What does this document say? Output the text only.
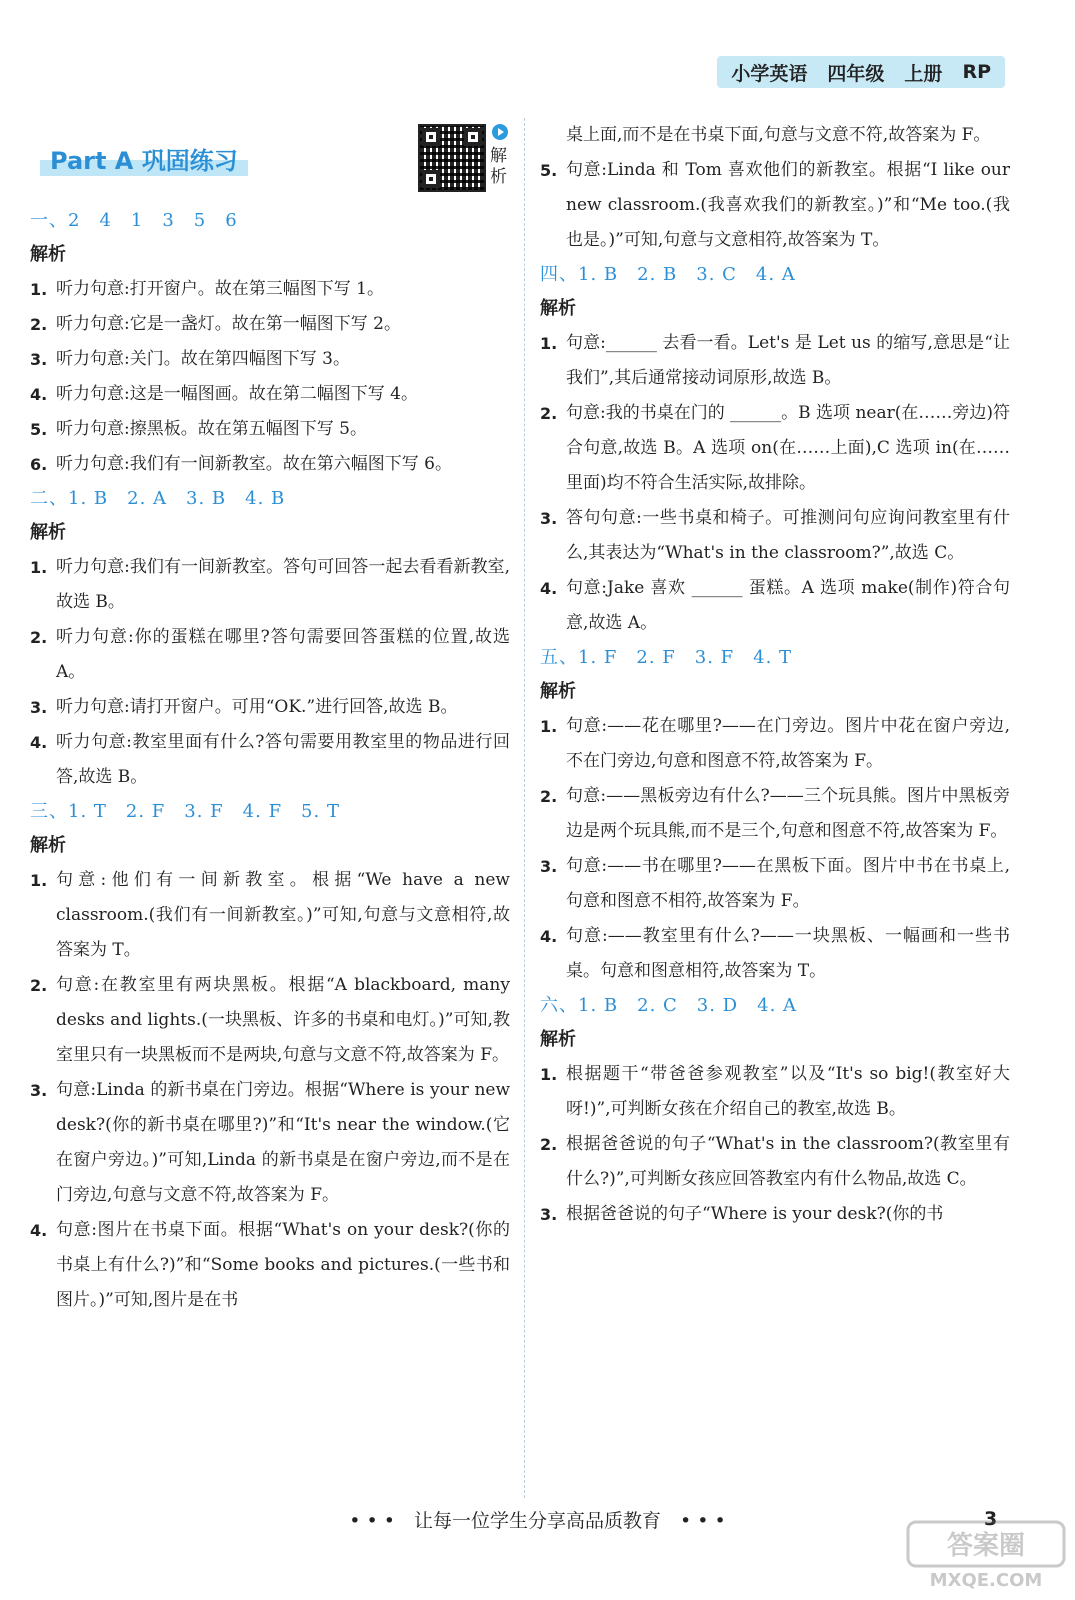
小学英语 四年级 上册 RP
Part A 巩固练习	解析
一、2　4　1　3　5　6
解析
1. 听力句意:打开窗户。故在第三幅图下写 1。
2. 听力句意:它是一盏灯。故在第一幅图下写 2。
3. 听力句意:关门。故在第四幅图下写 3。
4. 听力句意:这是一幅图画。故在第二幅图下写 4。
5. 听力句意:擦黑板。故在第五幅图下写 5。
6. 听力句意:我们有一间新教室。故在第六幅图下写 6。
二、1. B　2. A　3. B　4. B
解析
1. 听力句意:我们有一间新教室。答句可回答一起去看看新教室,故选 B。
2. 听力句意:你的蛋糕在哪里?答句需要回答蛋糕的位置,故选 A。
3. 听力句意:请打开窗户。可用“OK.”进行回答,故选 B。
4. 听力句意:教室里面有什么?答句需要用教室里的物品进行回答,故选 B。
三、1. T　2. F　3. F　4. F　5. T
解析
1. 句意:他们有一间新教室。根据“We have a new classroom.(我们有一间新教室。)”可知,句意与文意相符,故答案为 T。
2. 句意:在教室里有两块黑板。根据“A blackboard, many desks and lights.(一块黑板、许多的书桌和电灯。)”可知,教室里只有一块黑板而不是两块,句意与文意不符,故答案为 F。
3. 句意:Linda 的新书桌在门旁边。根据“Where is your new desk?(你的新书桌在哪里?)”和“It's near the window.(它在窗户旁边。)”可知,Linda 的新书桌是在窗户旁边,而不是在门旁边,句意与文意不符,故答案为 F。
4. 句意:图片在书桌下面。根据“What's on your desk?(你的书桌上有什么?)”和“Some books and pictures.(一些书和图片。)”可知,图片是在书
桌上面,而不是在书桌下面,句意与文意不符,故答案为 F。
5. 句意:Linda 和 Tom 喜欢他们的新教室。根据“I like our new classroom.(我喜欢我们的新教室。)”和“Me too.(我也是。)”可知,句意与文意相符,故答案为 T。
四、1. B　2. B　3. C　4. A
解析
1. 句意:______ 去看一看。Let's 是 Let us 的缩写,意思是“让我们”,其后通常接动词原形,故选 B。
2. 句意:我的书桌在门的 ______。B 选项 near(在……旁边)符合句意,故选 B。A 选项 on(在……上面),C 选项 in(在……里面)均不符合生活实际,故排除。
3. 答句句意:一些书桌和椅子。可推测问句应询问教室里有什么,其表达为“What's in the classroom?”,故选 C。
4. 句意:Jake 喜欢 ______ 蛋糕。A 选项 make(制作)符合句意,故选 A。
五、1. F　2. F　3. F　4. T
解析
1. 句意:——花在哪里?——在门旁边。图片中花在窗户旁边,不在门旁边,句意和图意不符,故答案为 F。
2. 句意:——黑板旁边有什么?——三个玩具熊。图片中黑板旁边是两个玩具熊,而不是三个,句意和图意不符,故答案为 F。
3. 句意:——书在哪里?——在黑板下面。图片中书在书桌上,句意和图意不相符,故答案为 F。
4. 句意:——教室里有什么?——一块黑板、一幅画和一些书桌。句意和图意相符,故答案为 T。
六、1. B　2. C　3. D　4. A
解析
1. 根据题干“带爸爸参观教室”以及“It's so big!(教室好大呀!)”,可判断女孩在介绍自己的教室,故选 B。
2. 根据爸爸说的句子“What's in the classroom?(教室里有什么?)”,可判断女孩应回答教室内有什么物品,故选 C。
3. 根据爸爸说的句子“Where is your desk?(你的书
• • •　让每一位学生分享高品质教育　• • •	3
答案圈
MXQE.COM
